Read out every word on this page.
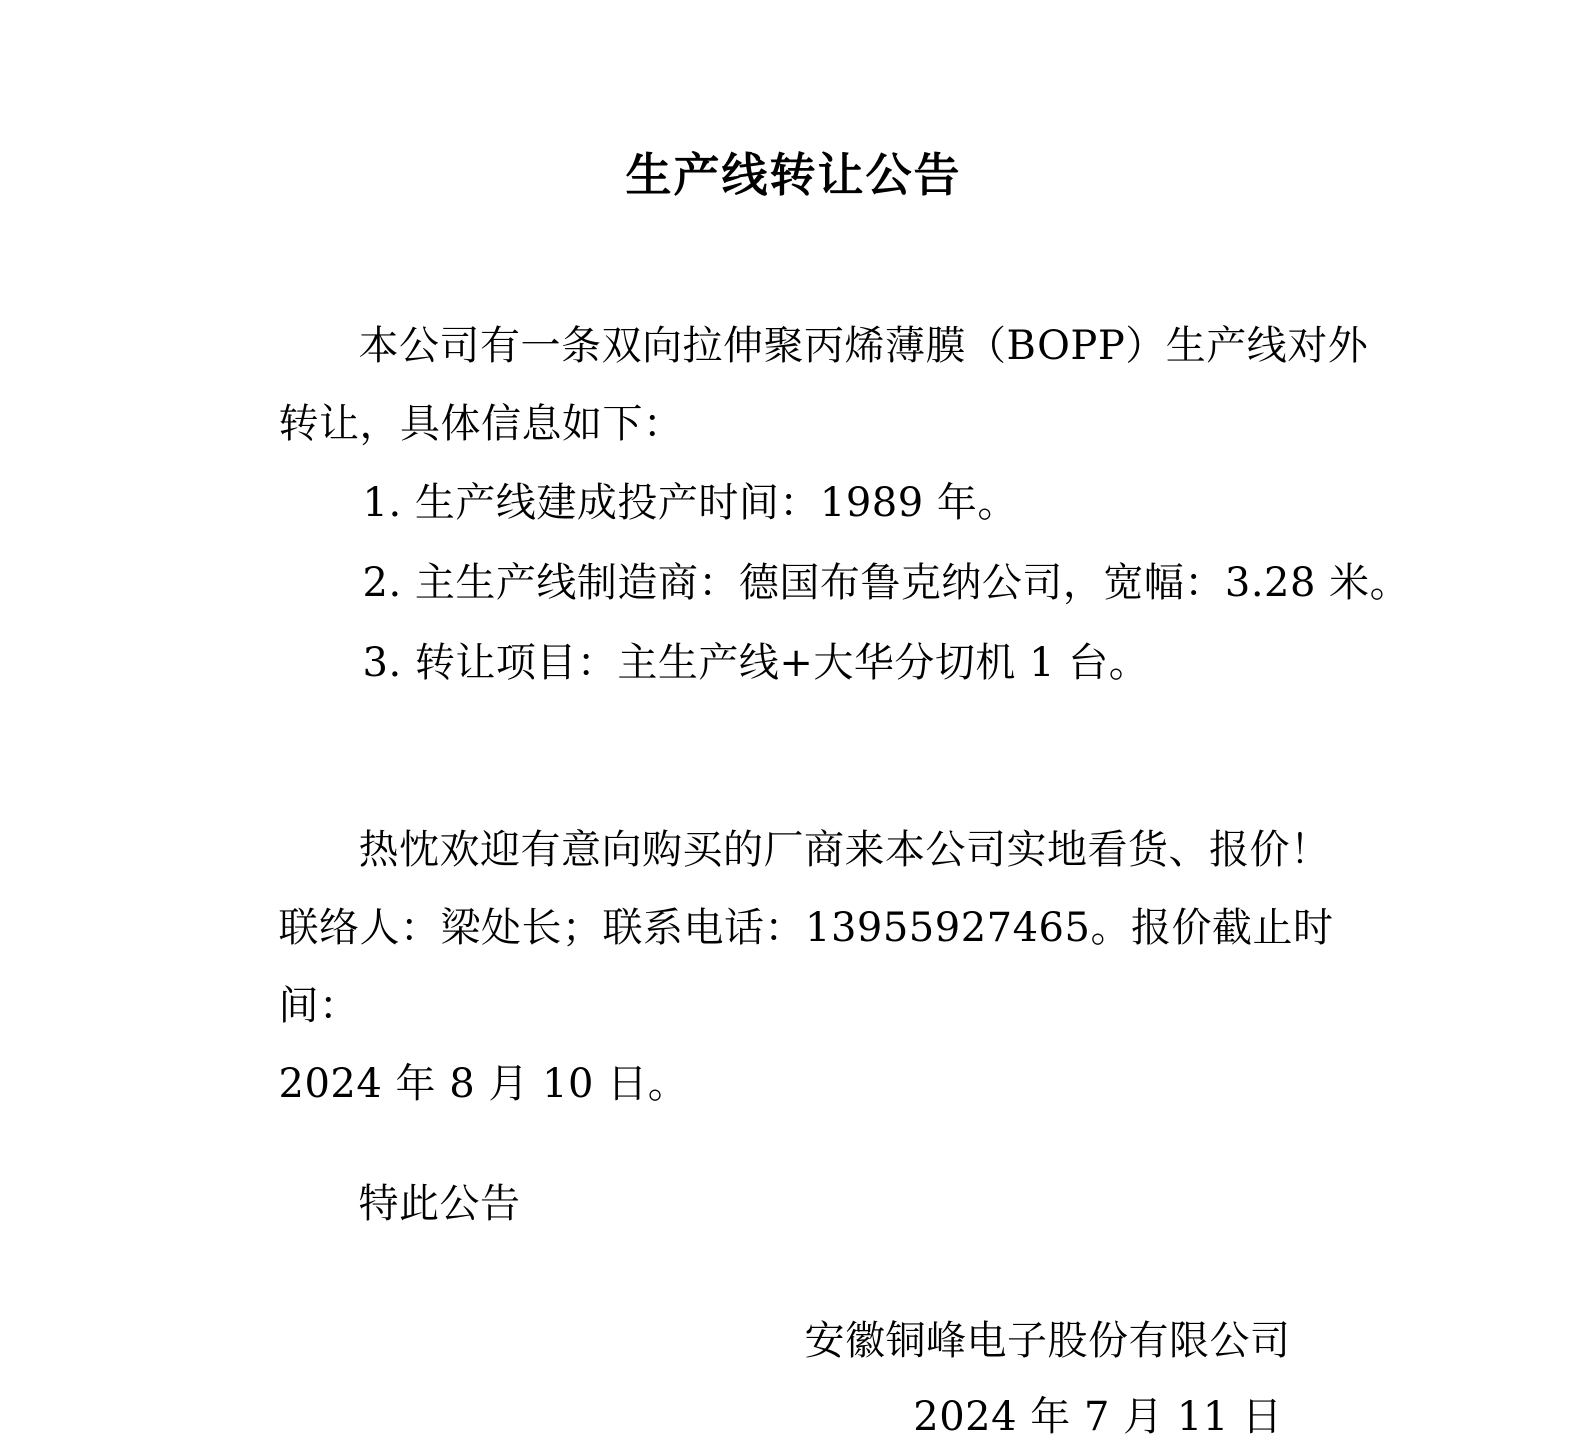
生产线转让公告

本公司有一条双向拉伸聚丙烯薄膜（BOPP）生产线对外转让，具体信息如下：

1. 生产线建成投产时间：1989 年。
2. 主生产线制造商：德国布鲁克纳公司，宽幅：3.28 米。
3. 转让项目：主生产线+大华分切机 1 台。

热忱欢迎有意向购买的厂商来本公司实地看货、报价！

联络人：梁处长；联系电话：13955927465。报价截止时间：

2024 年 8 月 10 日。

特此公告

安徽铜峰电子股份有限公司
2024 年 7 月 11 日
